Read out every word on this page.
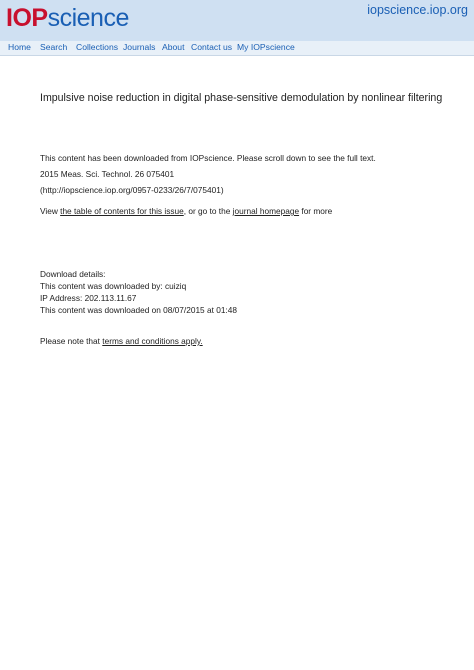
IOPscience	iopscience.iop.org
Home Search Collections Journals About Contact us My IOPscience
Impulsive noise reduction in digital phase-sensitive demodulation by nonlinear filtering
This content has been downloaded from IOPscience. Please scroll down to see the full text.
2015 Meas. Sci. Technol. 26 075401
(http://iopscience.iop.org/0957-0233/26/7/075401)
View the table of contents for this issue, or go to the journal homepage for more
Download details:
This content was downloaded by: cuiziq
IP Address: 202.113.11.67
This content was downloaded on 08/07/2015 at 01:48
Please note that terms and conditions apply.
